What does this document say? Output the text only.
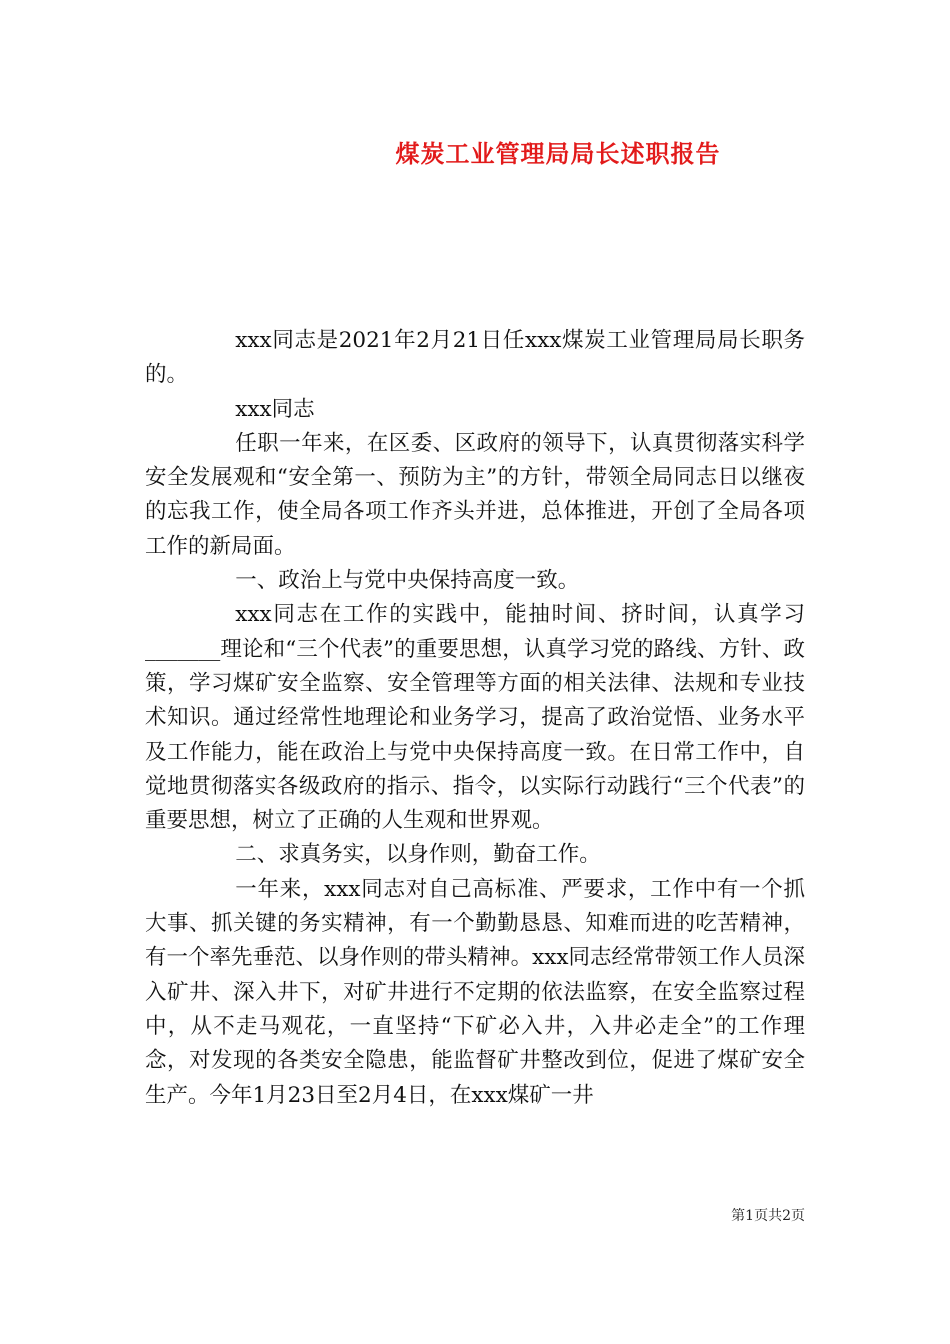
煤炭工业管理局局长述职报告

xxx同志是2021年2月21日任xxx煤炭工业管理局局长职务的。

xxx同志

任职一年来，在区委、区政府的领导下，认真贯彻落实科学安全发展观和“安全第一、预防为主”的方针，带领全局同志日以继夜的忘我工作，使全局各项工作齐头并进，总体推进，开创了全局各项工作的新局面。

一、政治上与党中央保持高度一致。

xxx同志在工作的实践中，能抽时间、挤时间，认真学习_______理论和“三个代表”的重要思想，认真学习党的路线、方针、政策，学习煤矿安全监察、安全管理等方面的相关法律、法规和专业技术知识。通过经常性地理论和业务学习，提高了政治觉悟、业务水平及工作能力，能在政治上与党中央保持高度一致。在日常工作中，自觉地贯彻落实各级政府的指示、指令，以实际行动践行“三个代表”的重要思想，树立了正确的人生观和世界观。

二、求真务实，以身作则，勤奋工作。

一年来，xxx同志对自己高标准、严要求，工作中有一个抓大事、抓关键的务实精神，有一个勤勤恳恳、知难而进的吃苦精神，有一个率先垂范、以身作则的带头精神。xxx同志经常带领工作人员深入矿井、深入井下，对矿井进行不定期的依法监察，在安全监察过程中，从不走马观花，一直坚持“下矿必入井，入井必走全”的工作理念，对发现的各类安全隐患，能监督矿井整改到位，促进了煤矿安全生产。今年1月23日至2月4日，在xxx煤矿一井

第1页共2页
